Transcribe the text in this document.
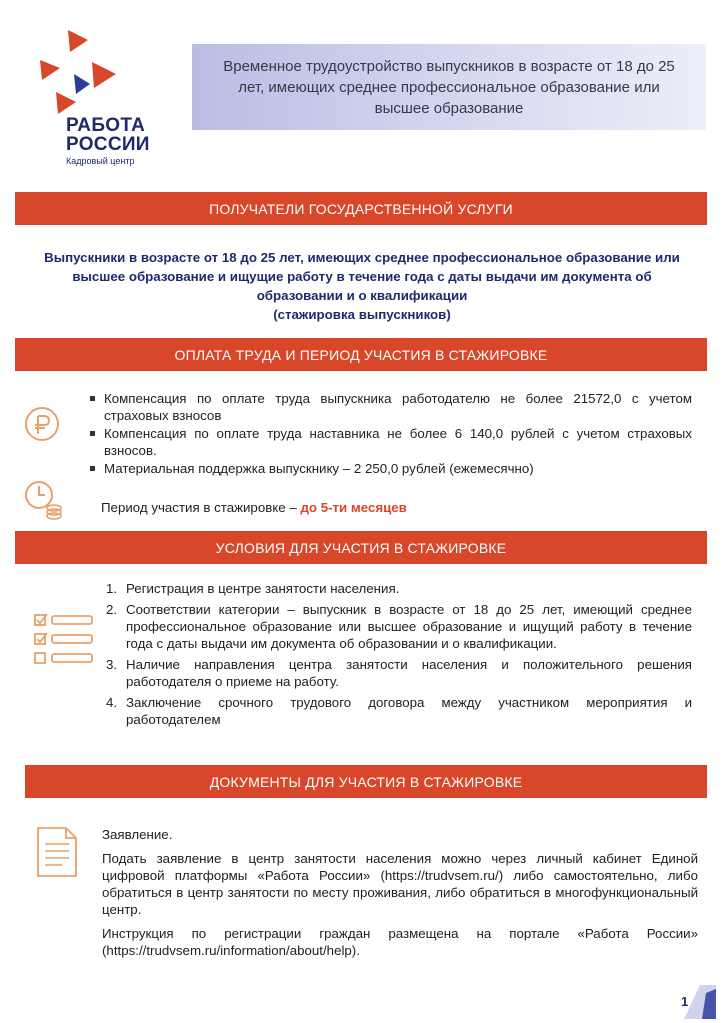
РАБОТА
РОССИИ
Кадровый центр
Временное трудоустройство выпускников в возрасте от 18 до 25 лет, имеющих среднее профессиональное образование или высшее образование
ПОЛУЧАТЕЛИ ГОСУДАРСТВЕННОЙ УСЛУГИ
Выпускники в возрасте от 18 до 25 лет, имеющих среднее профессиональное образование или высшее образование и ищущие работу в течение года с даты выдачи им документа об образовании и о квалификации
(стажировка выпускников)
ОПЛАТА ТРУДА И ПЕРИОД УЧАСТИЯ В СТАЖИРОВКЕ
Компенсация по оплате труда выпускника работодателю не более 21572,0 с учетом страховых взносов
Компенсация по оплате труда наставника не более 6 140,0 рублей с учетом страховых взносов.
Материальная поддержка выпускнику – 2 250,0 рублей (ежемесячно)
Период участия в стажировке – до 5-ти месяцев
УСЛОВИЯ ДЛЯ УЧАСТИЯ В СТАЖИРОВКЕ
1. Регистрация в центре занятости населения.
2. Соответствии категории – выпускник в возрасте от 18 до 25 лет, имеющий среднее профессиональное образование или высшее образование и ищущий работу в течение года с даты выдачи им документа об образовании и о квалификации.
3. Наличие направления центра занятости населения и положительного решения работодателя о приеме на работу.
4. Заключение срочного трудового договора между участником мероприятия и работодателем
ДОКУМЕНТЫ ДЛЯ УЧАСТИЯ В СТАЖИРОВКЕ

Заявление.

Подать заявление в центр занятости населения можно через личный кабинет Единой цифровой платформы «Работа России» (https://trudvsem.ru/) либо самостоятельно, либо обратиться в центр занятости по месту проживания, либо обратиться в многофункциональный центр.

Инструкция по регистрации граждан размещена на портале «Работа России» (https://trudvsem.ru/information/about/help).

1
